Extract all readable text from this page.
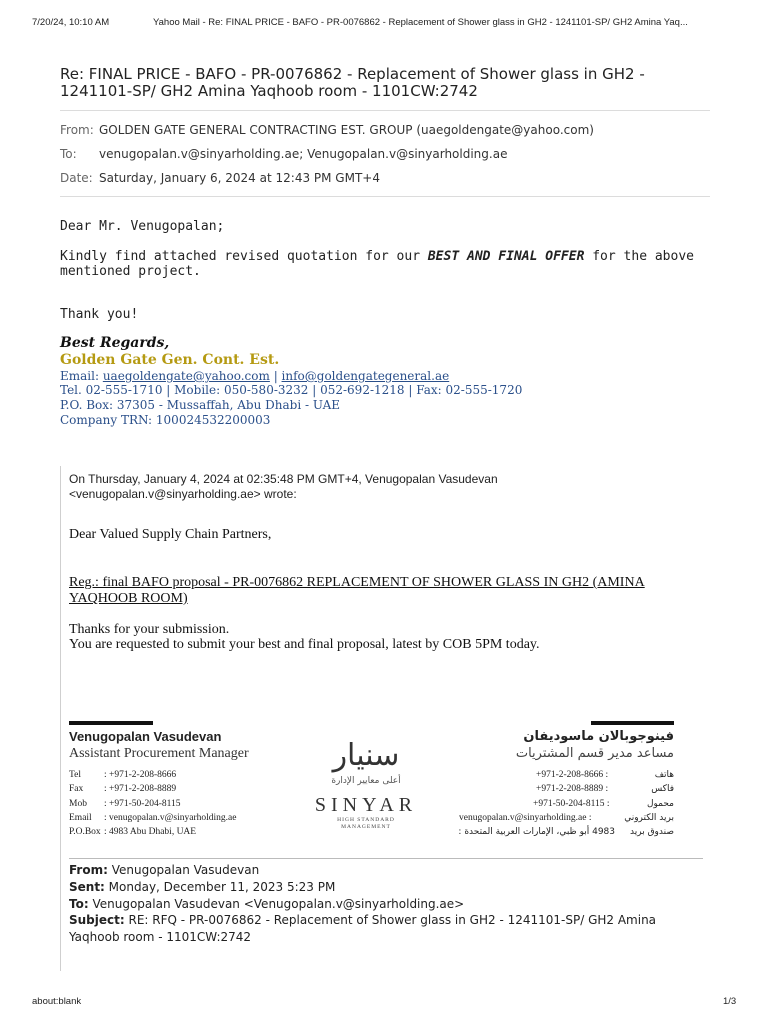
7/20/24, 10:10 AM	Yahoo Mail - Re: FINAL PRICE - BAFO - PR-0076862 - Replacement of Shower glass in GH2 - 1241101-SP/ GH2 Amina Yaq...
Re: FINAL PRICE - BAFO - PR-0076862 - Replacement of Shower glass in GH2 - 1241101-SP/ GH2 Amina Yaqhoob room - 1101CW:2742
From: GOLDEN GATE GENERAL CONTRACTING EST. GROUP (uaegoldengate@yahoo.com)
To: venugopalan.v@sinyarholding.ae; Venugopalan.v@sinyarholding.ae
Date: Saturday, January 6, 2024 at 12:43 PM GMT+4
Dear Mr. Venugopalan;
Kindly find attached revised quotation for our BEST AND FINAL OFFER for the above mentioned project.
Thank you!
Best Regards,
Golden Gate Gen. Cont. Est.
Email: uaegoldengate@yahoo.com | info@goldengategeneral.ae
Tel. 02-555-1710 | Mobile: 050-580-3232 | 052-692-1218 | Fax: 02-555-1720
P.O. Box: 37305 - Mussaffah, Abu Dhabi - UAE
Company TRN: 100024532200003
On Thursday, January 4, 2024 at 02:35:48 PM GMT+4, Venugopalan Vasudevan
<venugopalan.v@sinyarholding.ae> wrote:
Dear Valued Supply Chain Partners,
Reg.: final BAFO proposal - PR-0076862 REPLACEMENT OF SHOWER GLASS IN GH2 (AMINA YAQHOOB ROOM)
Thanks for your submission.
You are requested to submit your best and final proposal, latest by COB 5PM today.
Venugopalan Vasudevan
Assistant Procurement Manager
Tel : +971-2-208-8666
Fax : +971-2-208-8889
Mob : +971-50-204-8115
Email : venugopalan.v@sinyarholding.ae
P.O.Box : 4983 Abu Dhabi, UAE
سنيار
أعلى معايير الإدارة
SINYAR
HIGH STANDARD
MANAGEMENT
فينوجوبالان ماسوديفان
مساعد مدير قسم المشتريات
هاتف
+971-2-208-8666 :
فاكس
+971-2-208-8889 :
محمول
+971-50-204-8115 :
بريد الكتروني
venugopalan.v@sinyarholding.ae :
صندوق بريد
4983 أبو ظبي، الإمارات العربية المتحدة :
From: Venugopalan Vasudevan
Sent: Monday, December 11, 2023 5:23 PM
To: Venugopalan Vasudevan <Venugopalan.v@sinyarholding.ae>
Subject: RE: RFQ - PR-0076862 - Replacement of Shower glass in GH2 - 1241101-SP/ GH2 Amina Yaqhoob room - 1101CW:2742
about:blank	1/3
